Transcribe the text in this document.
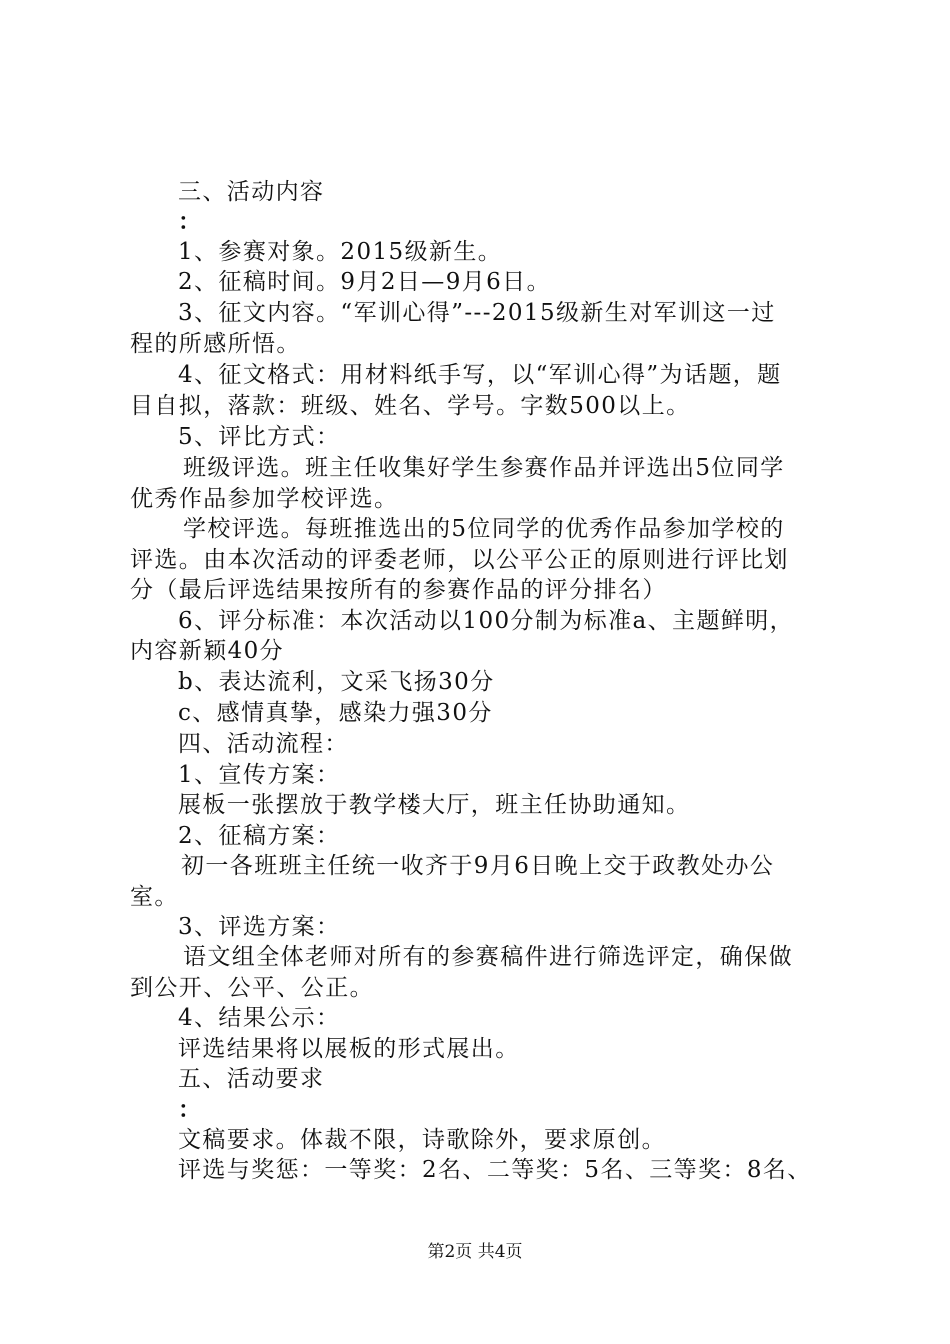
三、活动内容

：

1、参赛对象。2015级新生。

2、征稿时间。9月2日—9月6日。

3、征文内容。“军训心得”---2015级新生对军训这一过

程的所感所悟。

4、征文格式：用材料纸手写，以“军训心得”为话题，题

目自拟，落款：班级、姓名、学号。字数500以上。

5、评比方式：

班级评选。班主任收集好学生参赛作品并评选出5位同学

优秀作品参加学校评选。

学校评选。每班推选出的5位同学的优秀作品参加学校的

评选。由本次活动的评委老师，以公平公正的原则进行评比划

分（最后评选结果按所有的参赛作品的评分排名）

6、评分标准：本次活动以100分制为标准a、主题鲜明，

内容新颖40分

b、表达流利，文采飞扬30分

c、感情真挚，感染力强30分

四、活动流程：

1、宣传方案：

展板一张摆放于教学楼大厅，班主任协助通知。

2、征稿方案：

初一各班班主任统一收齐于9月6日晚上交于政教处办公

室。

3、评选方案：

语文组全体老师对所有的参赛稿件进行筛选评定，确保做

到公开、公平、公正。

4、结果公示：

评选结果将以展板的形式展出。

五、活动要求

：

文稿要求。体裁不限，诗歌除外，要求原创。

评选与奖惩：一等奖：2名、二等奖：5名、三等奖：8名、

第2页 共4页
